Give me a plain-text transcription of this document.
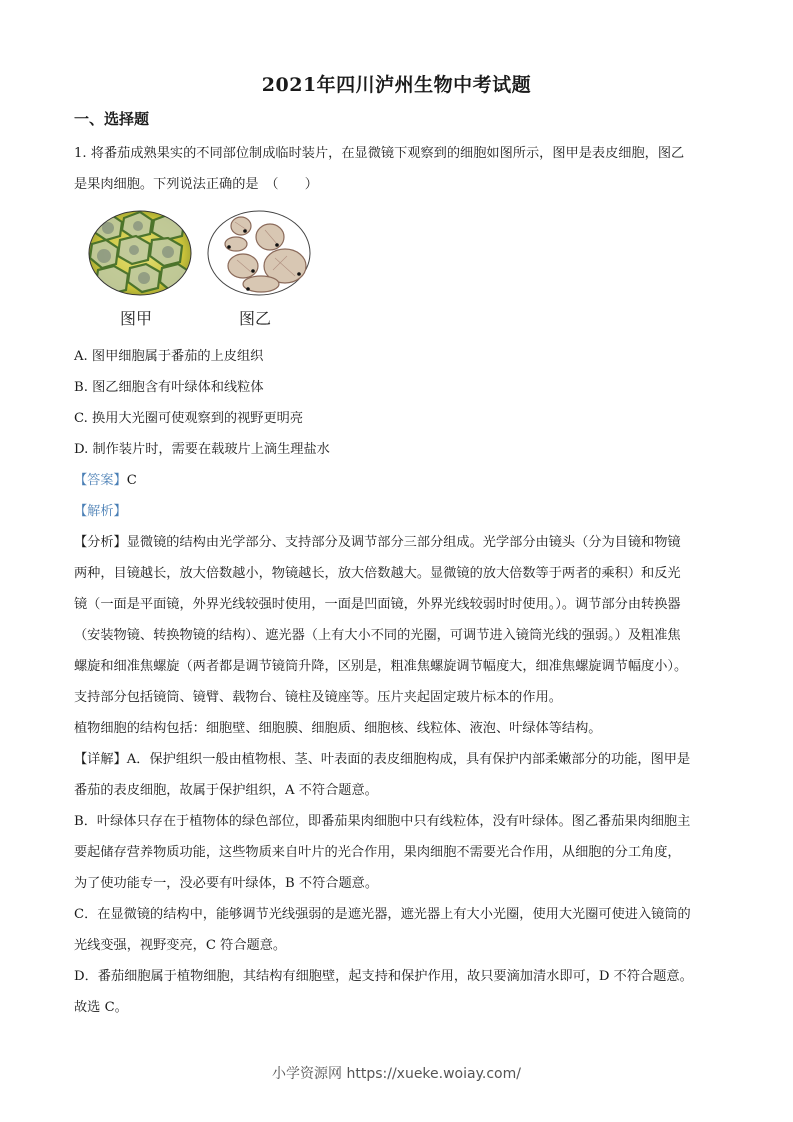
2021年四川泸州生物中考试题
一、选择题
1. 将番茄成熟果实的不同部位制成临时装片，在显微镜下观察到的细胞如图所示，图甲是表皮细胞，图乙
是果肉细胞。下列说法正确的是　（　　）
图甲	图乙
A. 图甲细胞属于番茄的上皮组织
B. 图乙细胞含有叶绿体和线粒体
C. 换用大光圈可使观察到的视野更明亮
D. 制作装片时，需要在载玻片上滴生理盐水
【答案】C
【解析】
【分析】显微镜的结构由光学部分、支持部分及调节部分三部分组成。光学部分由镜头（分为目镜和物镜
两种，目镜越长，放大倍数越小，物镜越长，放大倍数越大。显微镜的放大倍数等于两者的乘积）和反光
镜（一面是平面镜，外界光线较强时使用，一面是凹面镜，外界光线较弱时时使用。）。调节部分由转换器
（安装物镜、转换物镜的结构）、遮光器（上有大小不同的光圈，可调节进入镜筒光线的强弱。）及粗准焦
螺旋和细准焦螺旋（两者都是调节镜筒升降，区别是，粗准焦螺旋调节幅度大，细准焦螺旋调节幅度小）。
支持部分包括镜筒、镜臂、载物台、镜柱及镜座等。压片夹起固定玻片标本的作用。
植物细胞的结构包括：细胞壁、细胞膜、细胞质、细胞核、线粒体、液泡、叶绿体等结构。
【详解】A．保护组织一般由植物根、茎、叶表面的表皮细胞构成，具有保护内部柔嫩部分的功能，图甲是
番茄的表皮细胞，故属于保护组织，A 不符合题意。
B．叶绿体只存在于植物体的绿色部位，即番茄果肉细胞中只有线粒体，没有叶绿体。图乙番茄果肉细胞主
要起储存营养物质功能，这些物质来自叶片的光合作用，果肉细胞不需要光合作用，从细胞的分工角度，
为了使功能专一，没必要有叶绿体，B 不符合题意。
C．在显微镜的结构中，能够调节光线强弱的是遮光器，遮光器上有大小光圈，使用大光圈可使进入镜筒的
光线变强，视野变亮，C 符合题意。
D．番茄细胞属于植物细胞，其结构有细胞壁，起支持和保护作用，故只要滴加清水即可，D 不符合题意。
故选 C。
小学资源网 https://xueke.woiay.com/
